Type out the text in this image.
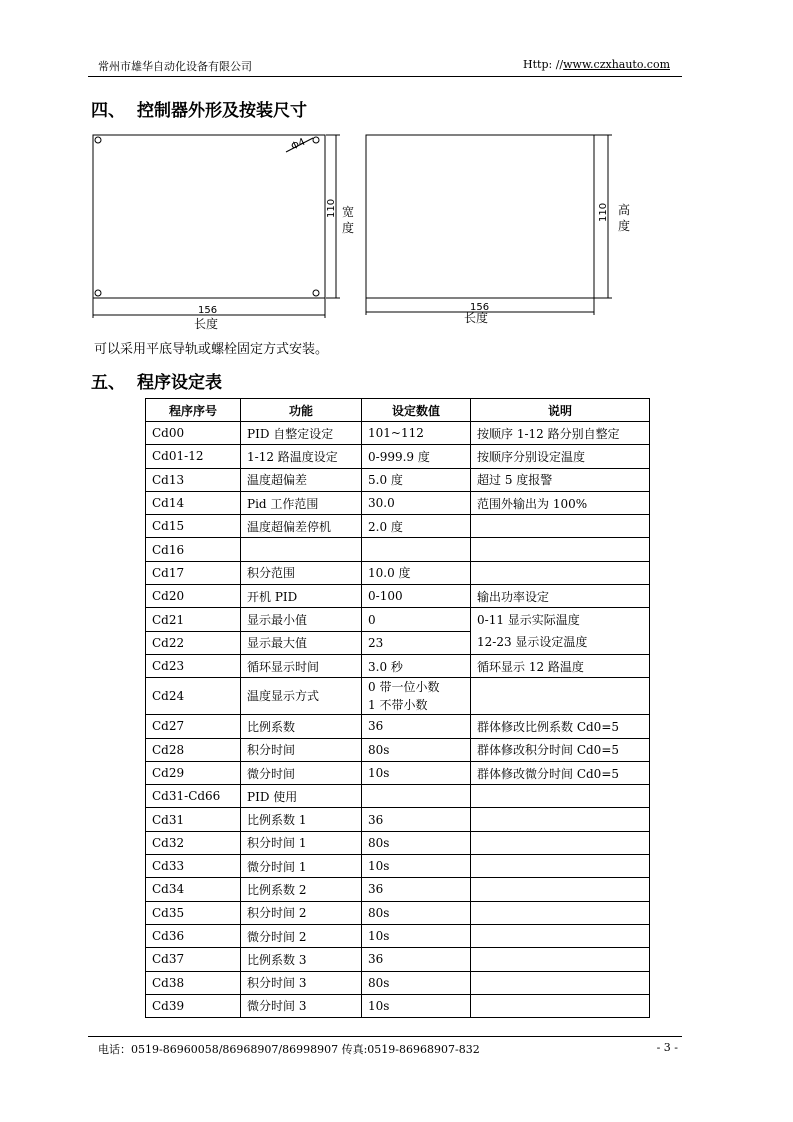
常州市雄华自动化设备有限公司	Http: //www.czxhauto.com
四、 控制器外形及按装尺寸
Φ4
110 宽
度
156
长度
110 高
度
156
长度
可以采用平底导轨或螺栓固定方式安装。
五、 程序设定表
程序序号	功能	设定数值	说明
Cd00	PID 自整定设定	101~112	按顺序 1-12 路分别自整定
Cd01-12	1-12 路温度设定	0-999.9 度	按顺序分别设定温度
Cd13	温度超偏差	5.0 度	超过 5 度报警
Cd14	Pid 工作范围	30.0	范围外输出为 100%
Cd15	温度超偏差停机	2.0 度	
Cd16			
Cd17	积分范围	10.0 度	
Cd20	开机 PID	0-100	输出功率设定
Cd21	显示最小值	0	0-11 显示实际温度
12-23 显示设定温度

Cd22	显示最大值	23	
Cd23	循环显示时间	3.0 秒	循环显示 12 路温度
Cd24	温度显示方式	0 带一位小数
1 不带小数	

Cd27	比例系数	36	群体修改比例系数 Cd0=5
Cd28	积分时间	80s	群体修改积分时间 Cd0=5
Cd29	微分时间	10s	群体修改微分时间 Cd0=5
Cd31-Cd66	PID 使用		
Cd31	比例系数 1	36	
Cd32	积分时间 1	80s	
Cd33	微分时间 1	10s	
Cd34	比例系数 2	36	
Cd35	积分时间 2	80s	
Cd36	微分时间 2	10s	
Cd37	比例系数 3	36	
Cd38	积分时间 3	80s	
Cd39	微分时间 3	10s	
电话：0519-86960058/86968907/86998907 传真:0519-86968907-832	- 3 -
